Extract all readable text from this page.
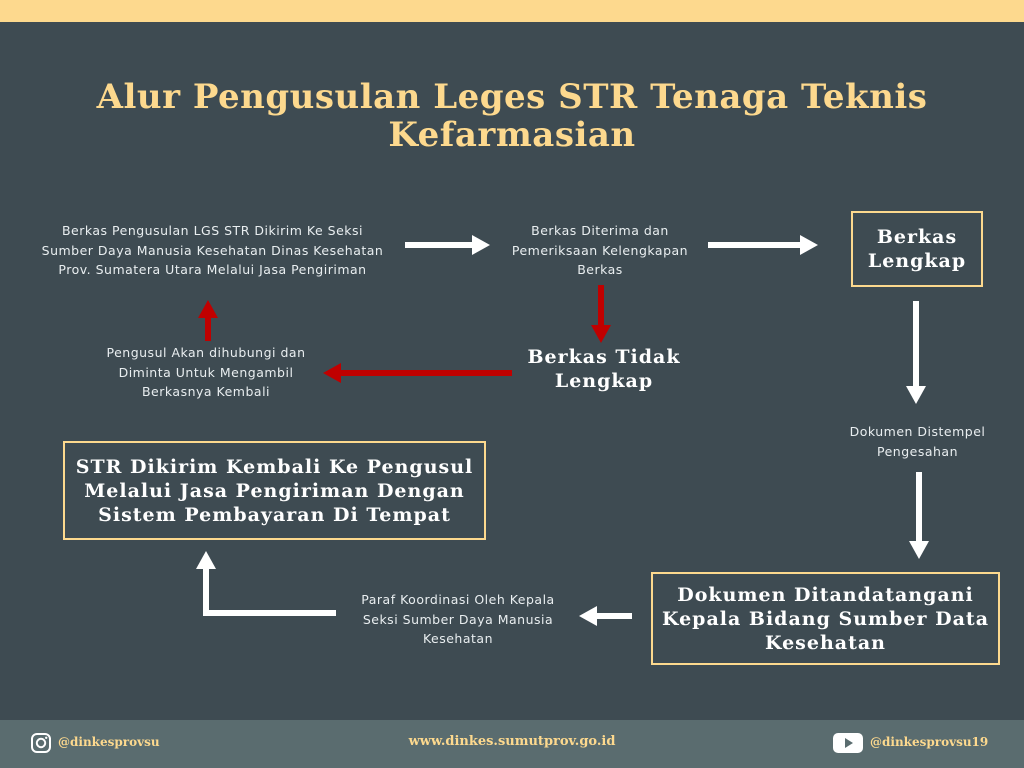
Alur Pengusulan Leges STR Tenaga Teknis
Kefarmasian
Berkas Pengusulan LGS STR Dikirim Ke Seksi Sumber Daya Manusia Kesehatan Dinas Kesehatan Prov. Sumatera Utara Melalui Jasa Pengiriman
Berkas Diterima dan Pemeriksaan Kelengkapan Berkas
Berkas Lengkap
Berkas Tidak Lengkap
Pengusul Akan dihubungi dan Diminta Untuk Mengambil Berkasnya Kembali
Dokumen Distempel Pengesahan
Dokumen Ditandatangani Kepala Bidang Sumber Data Kesehatan
Paraf Koordinasi Oleh Kepala Seksi Sumber Daya Manusia Kesehatan
STR Dikirim Kembali Ke Pengusul Melalui Jasa Pengiriman Dengan Sistem Pembayaran Di Tempat
@dinkesprovsu	www.dinkes.sumutprov.go.id	@dinkesprovsu19
